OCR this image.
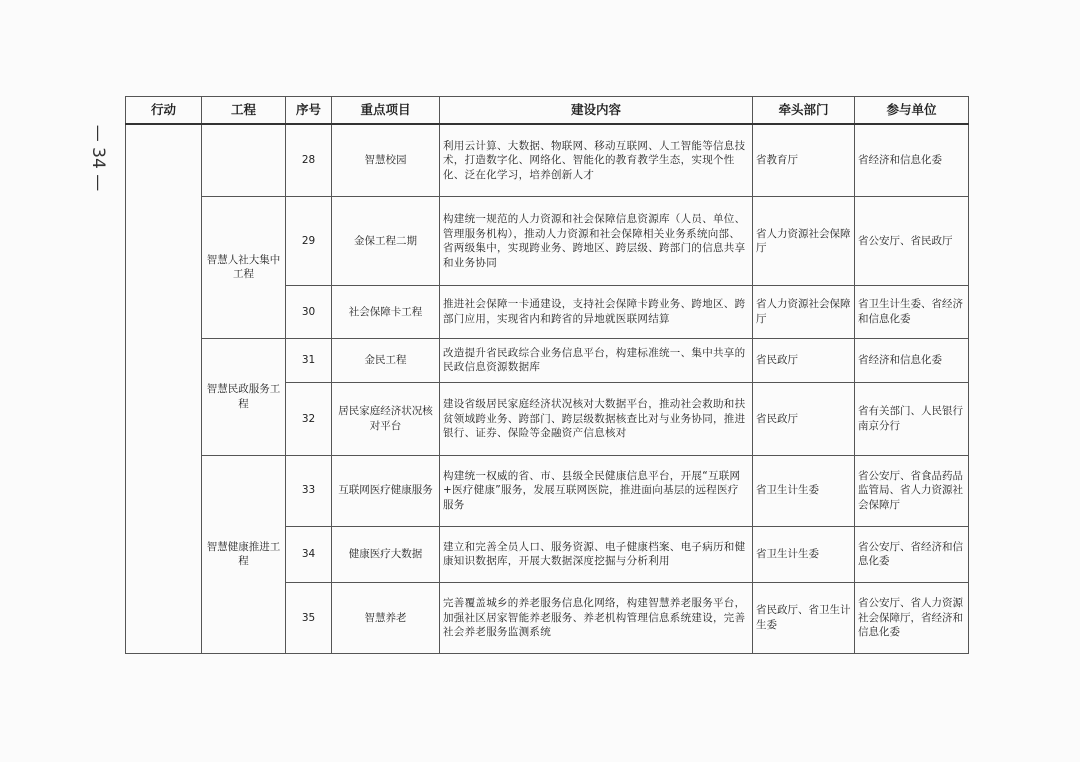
— 34 —
行动	工程	序号	重点项目	建设内容	牵头部门	参与单位
		28	智慧校园	利用云计算、大数据、物联网、移动互联网、人工智能等信息技术，打造数字化、网络化、智能化的教育教学生态，实现个性化、泛在化学习，培养创新人才	省教育厅	省经济和信息化委
	智慧人社大集中工程	29	金保工程二期	构建统一规范的人力资源和社会保障信息资源库（人员、单位、管理服务机构），推动人力资源和社会保障相关业务系统向部、省两级集中，实现跨业务、跨地区、跨层级、跨部门的信息共享和业务协同	省人力资源社会保障厅	省公安厅、省民政厅
		30	社会保障卡工程	推进社会保障一卡通建设，支持社会保障卡跨业务、跨地区、跨部门应用，实现省内和跨省的异地就医联网结算	省人力资源社会保障厅	省卫生计生委、省经济和信息化委
	智慧民政服务工程	31	金民工程	改造提升省民政综合业务信息平台，构建标准统一、集中共享的民政信息资源数据库	省民政厅	省经济和信息化委
		32	居民家庭经济状况核对平台	建设省级居民家庭经济状况核对大数据平台，推动社会救助和扶贫领域跨业务、跨部门、跨层级数据核查比对与业务协同，推进银行、证券、保险等金融资产信息核对	省民政厅	省有关部门、人民银行南京分行
	智慧健康推进工程	33	互联网医疗健康服务	构建统一权威的省、市、县级全民健康信息平台，开展“互联网+医疗健康”服务，发展互联网医院，推进面向基层的远程医疗服务	省卫生计生委	省公安厅、省食品药品监管局、省人力资源社会保障厅
		34	健康医疗大数据	建立和完善全员人口、服务资源、电子健康档案、电子病历和健康知识数据库，开展大数据深度挖掘与分析利用	省卫生计生委	省公安厅、省经济和信息化委
		35	智慧养老	完善覆盖城乡的养老服务信息化网络，构建智慧养老服务平台，加强社区居家智能养老服务、养老机构管理信息系统建设，完善社会养老服务监测系统	省民政厅、省卫生计生委	省公安厅、省人力资源社会保障厅，省经济和信息化委
